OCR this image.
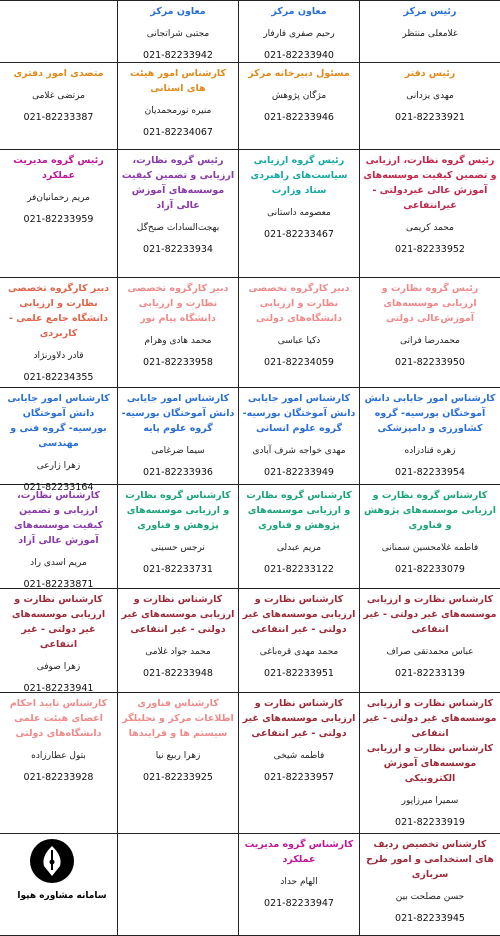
معاون مرکز
مجتبی شراتجانی
021-82233942
معاون مرکز
رحیم صفری فارفار
021-82233940
رئیس مرکز
غلامعلی منتظر
متصدی امور دفتری
مرتضی غلامی
021-82233387
کارشناس امور هیئت های استانی
منیره نورمحمدیان
021-82234067
مسئول دبیرخانه مرکز
مژگان پژوهش
021-82233946
رئیس دفتر
مهدی یزدانی
021-82233921
رئیس گروه مدیریت عملکرد
مریم رحمانیان‌فر
021-82233959
رئیس گروه نظارت، ارزیابی و تضمین کیفیت موسسه‌های آموزش عالی آزاد
بهجت‌السادات صبح‌گل
021-82233934
رئیس گروه ارزیابی سیاست‌های راهبردی ستاد وزارت
معصومه داستانی
021-82233467
رئیس گروه نظارت، ارزیابی و تضمین کیفیت موسسه‌های آموزش عالی غیردولتی - غیرانتفاعی
محمد کریمی
021-82233952
دبیر کارگروه تخصصی نظارت و ارزیابی دانشگاه جامع علمی - کاربردی
قادر دلاورنژاد
021-82234355
دبیر کارگروه تخصصی نظارت و ارزیابی دانشگاه پیام نور
محمد هادی وهرام
021-82233958
دبیر کارگروه تخصصی نظارت و ارزیابی دانشگاه‌های دولتی
ذکیا عباسی
021-82234059
رئیس گروه نظارت و ارزیابی موسسه‌های آموزش‌عالی دولتی
محمدرضا فراتی
021-82233950
کارشناس امور جایابی دانش آموختگان بورسیه- گروه فنی و مهندسی
زهرا زارعی
021-82233164
کارشناس امور جایابی دانش آموختگان بورسیه- گروه علوم پایه
سیما ضرغامی
021-82233936
کارشناس امور جایابی دانش آموختگان بورسیه- گروه علوم انسانی
مهدی خواجه شرف آبادی
021-82233949
کارشناس امور جایابی دانش آموختگان بورسیه- گروه کشاورزی و دامپزشکی
زهره قنادزاده
021-82233954
کارشناس نظارت، ارزیابی و تضمین کیفیت موسسه‌های آموزش عالی آزاد
مریم اسدی راد
021-82233871
کارشناس گروه نظارت و ارزیابی موسسه‌های پژوهش و فناوری
نرجس حسینی
021-82233731
کارشناس گروه نظارت و ارزیابی موسسه‌های پژوهش و فناوری
مریم عبدلی
021-82233122
کارشناس گروه نظارت و ارزیابی موسسه‌های پژوهش و فناوری
فاطمه غلامحسین سمنانی
021-82233079
کارشناس نظارت و ارزیابی موسسه‌های غیر دولتی - غیر انتفاعی
زهرا صوفی
021-82233941
کارشناس نظارت و ارزیابی موسسه‌های غیر دولتی - غیر انتفاعی
محمد جواد غلامی
021-82233948
کارشناس نظارت و ارزیابی موسسه‌های غیر دولتی - غیر انتفاعی
محمد مهدی قره‌باغی
021-82233951
کارشناس نظارت و ارزیابی موسسه‌های غیر دولتی - غیر انتفاعی
عباس محمدتقی صراف
021-82233139
کارشناس تایید احکام اعضای هیئت علمی دانشگاه‌های دولتی
بتول عطارزاده
021-82233928
کارشناس فناوری اطلاعات مرکز و تحلیلگر سیستم ها و فرایندها
زهرا ربیع نیا
021-82233925
کارشناس نظارت و ارزیابی موسسه‌های غیر دولتی - غیر انتفاعی
فاطمه شیخی
021-82233957
کارشناس نظارت و ارزیابی موسسه‌های غیر دولتی - غیر انتفاعی
کارشناس نظارت و ارزیابی موسسه‌های آموزش الکترونیکی
سمیرا میرزاپور
021-82233919
کارشناس گروه مدیریت عملکرد
الهام حداد
021-82233947
کارشناس تخصیص ردیف های استخدامی و امور طرح سربازی
حسن مصلحت بین
021-82233945
سامانه مشاوره هپوا
